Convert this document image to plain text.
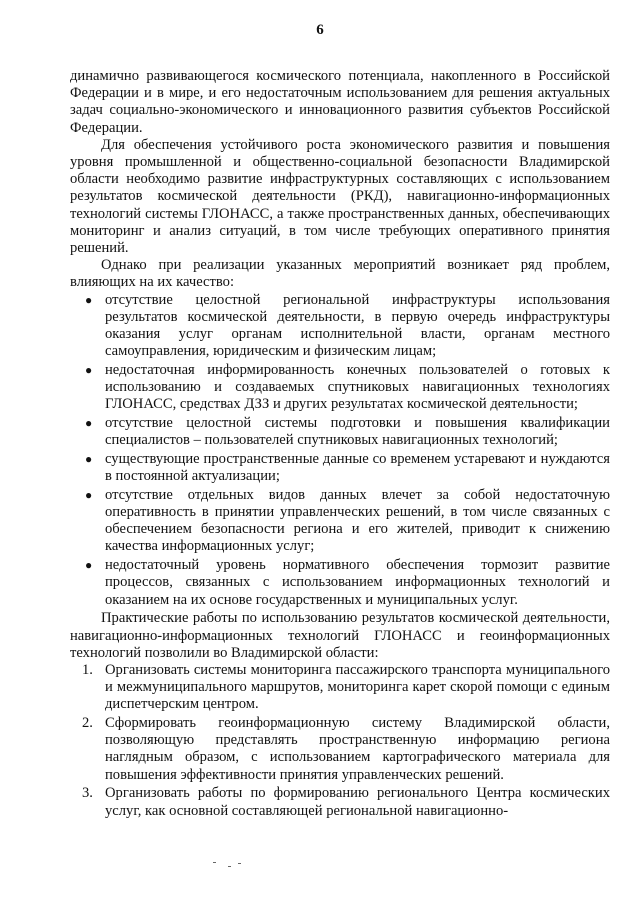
6

динамично развивающегося космического потенциала, накопленного в Российской Федерации и в мире, и его недостаточным использованием для решения актуальных задач социально-экономического и инновационного развития субъектов Российской Федерации.

Для обеспечения устойчивого роста экономического развития и повышения уровня промышленной и общественно-социальной безопасности Владимирской области необходимо развитие инфраструктурных составляющих с использованием результатов космической деятельности (РКД), навигационно-информационных технологий системы ГЛОНАСС, а также пространственных данных, обеспечивающих мониторинг и анализ ситуаций, в том числе требующих оперативного принятия решений.

Однако при реализации указанных мероприятий возникает ряд проблем, влияющих на их качество:

● отсутствие целостной региональной инфраструктуры использования результатов космической деятельности, в первую очередь инфраструктуры оказания услуг органам исполнительной власти, органам местного самоуправления, юридическим и физическим лицам;
● недостаточная информированность конечных пользователей о готовых к использованию и создаваемых спутниковых навигационных технологиях ГЛОНАСС, средствах ДЗЗ и других результатах космической деятельности;
● отсутствие целостной системы подготовки и повышения квалификации специалистов – пользователей спутниковых навигационных технологий;
● существующие пространственные данные со временем устаревают и нуждаются в постоянной актуализации;
● отсутствие отдельных видов данных влечет за собой недостаточную оперативность в принятии управленческих решений, в том числе связанных с обеспечением безопасности региона и его жителей, приводит к снижению качества информационных услуг;
● недостаточный уровень нормативного обеспечения тормозит развитие процессов, связанных с использованием информационных технологий и оказанием на их основе государственных и муниципальных услуг.

Практические работы по использованию результатов космической деятельности, навигационно-информационных технологий ГЛОНАСС и геоинформационных технологий позволили во Владимирской области:

1. Организовать системы мониторинга пассажирского транспорта муниципального и межмуниципального маршрутов, мониторинга карет скорой помощи с единым диспетчерским центром.
2. Сформировать геоинформационную систему Владимирской области, позволяющую представлять пространственную информацию региона наглядным образом, с использованием картографического материала для повышения эффективности принятия управленческих решений.
3. Организовать работы по формированию регионального Центра космических услуг, как основной составляющей региональной навигационно-
